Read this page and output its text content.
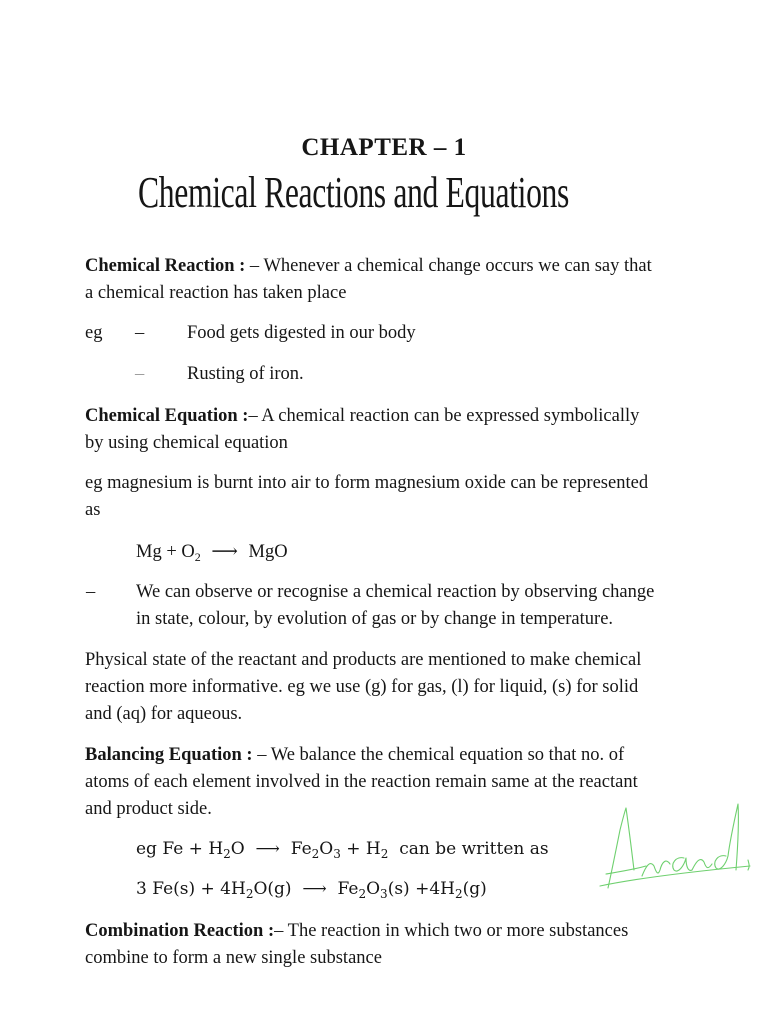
CHAPTER – 1
Chemical Reactions and Equations
Chemical Reaction : – Whenever a chemical change occurs we can say that
a chemical reaction has taken place
eg – Food gets digested in our body
– Rusting of iron.
Chemical Equation :– A chemical reaction can be expressed symbolically
by using chemical equation
eg magnesium is burnt into air to form magnesium oxide can be represented
as
$Mg + O_2$ ⟶ MgO
– We can observe or recognise a chemical reaction by observing change
in state, colour, by evolution of gas or by change in temperature.
Physical state of the reactant and products are mentioned to make chemical
reaction more informative. eg we use (g) for gas, (l) for liquid, (s) for solid
and (aq) for aqueous.
Balancing Equation : – We balance the chemical equation so that no. of
atoms of each element involved in the reaction remain same at the reactant
and product side.
eg $Fe + H_2O$  ⟶  $Fe_2O_3 + H_2$  can be written as
3 $Fe(s) + 4H_2O(g)$  ⟶  $Fe_2O_3(s) +4H_2(g)$
Combination Reaction :– The reaction in which two or more substances
combine to form a new single substance
